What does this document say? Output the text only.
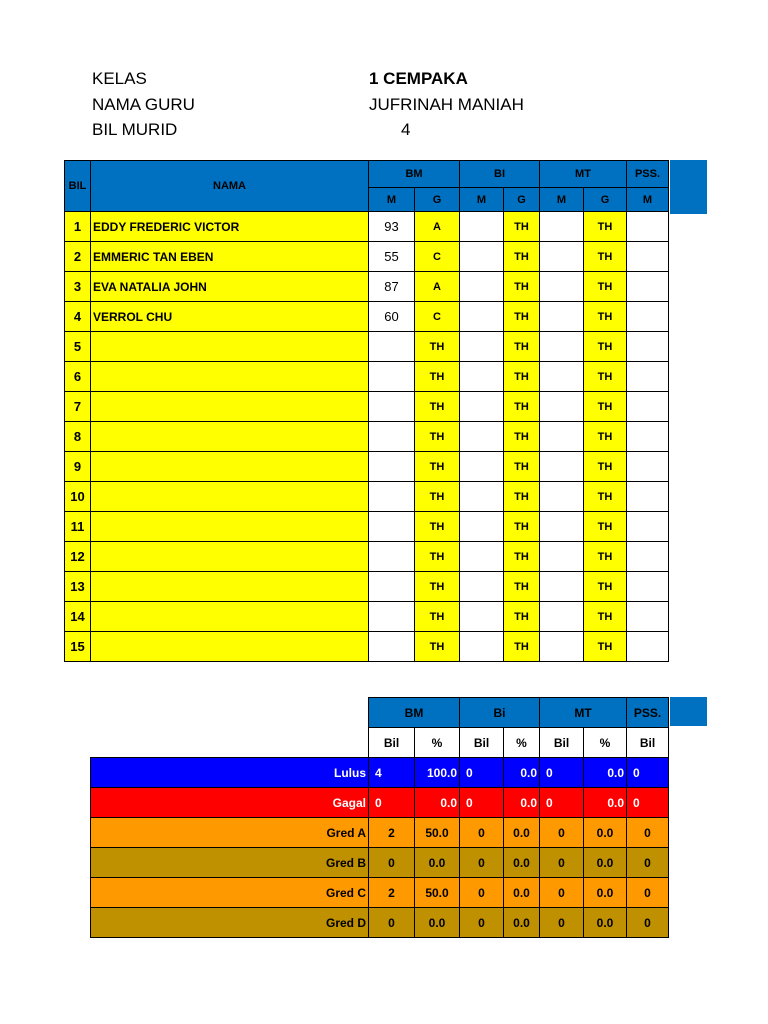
KELAS	1 CEMPAKA
NAMA GURU	JUFRINAH MANIAH
BIL MURID	4
BIL	NAMA	BM		BI		MT		PSS.
		M	G	M	G	M	G	M
1	EDDY FREDERIC VICTOR	93	A		TH		TH	
2	EMMERIC TAN EBEN	55	C		TH		TH	
3	EVA NATALIA JOHN	87	A		TH		TH	
4	VERROL CHU	60	C		TH		TH	
5			TH		TH		TH	
6			TH		TH		TH	
7			TH		TH		TH	
8			TH		TH		TH	
9			TH		TH		TH	
10			TH		TH		TH	
11			TH		TH		TH	
12			TH		TH		TH	
13			TH		TH		TH	
14			TH		TH		TH	
15			TH		TH		TH	
	BM		Bi		MT		PSS.
	Bil	%	Bil	%	Bil	%	Bil
Lulus	4	100.0	0	0.0	0	0.0	0
Gagal	0	0.0	0	0.0	0	0.0	0
Gred A	2	50.0	0	0.0	0	0.0	0
Gred B	0	0.0	0	0.0	0	0.0	0
Gred C	2	50.0	0	0.0	0	0.0	0
Gred D	0	0.0	0	0.0	0	0.0	0
